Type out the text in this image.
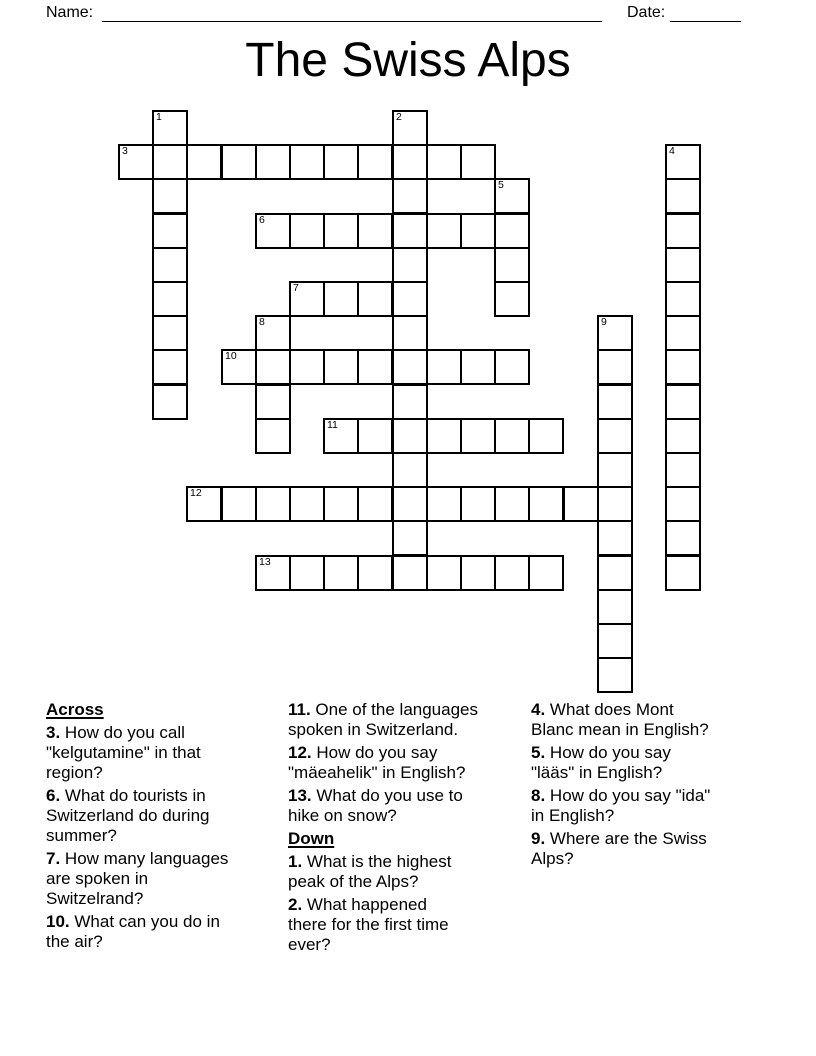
Name:	Date:
The Swiss Alps
1	2
3	4
5
6
7
8	9
10
11
12
13
Across
3. How do you call
"kelgutamine" in that
region?
6. What do tourists in
Switzerland do during
summer?
7. How many languages
are spoken in
Switzelrand?
10. What can you do in
the air?
11. One of the languages
spoken in Switzerland.
12. How do you say
"mäeahelik" in English?
13. What do you use to
hike on snow?
Down
1. What is the highest
peak of the Alps?
2. What happened
there for the first time
ever?
4. What does Mont
Blanc mean in English?
5. How do you say
"lääs" in English?
8. How do you say "ida"
in English?
9. Where are the Swiss
Alps?
